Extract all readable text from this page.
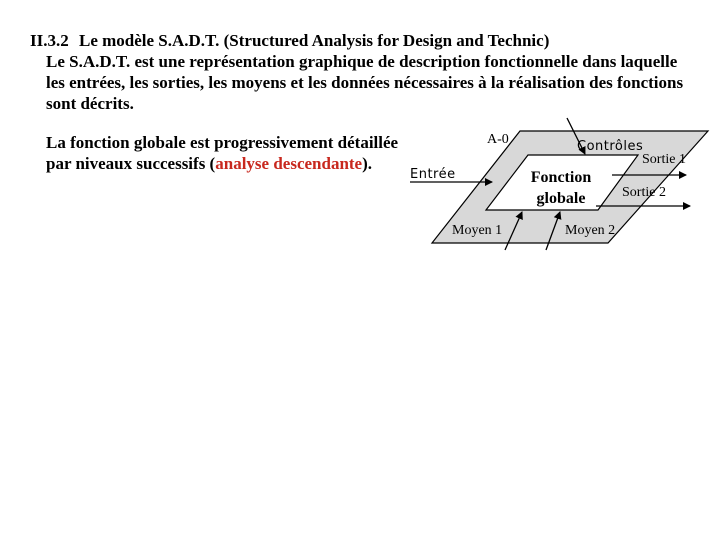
II.3.2 Le modèle S.A.D.T. (Structured Analysis for Design and Technic)
Le S.A.D.T. est une représentation graphique de description fonctionnelle dans laquelle les entrées, les sorties, les moyens et les données nécessaires à la réalisation des fonctions sont décrits.
La fonction globale est progressivement détaillée par niveaux successifs (analyse descendante).
A-0	Contrôles
Sortie 1
Entrée	Fonction
globale	Sortie 2
Moyen 1	Moyen 2
